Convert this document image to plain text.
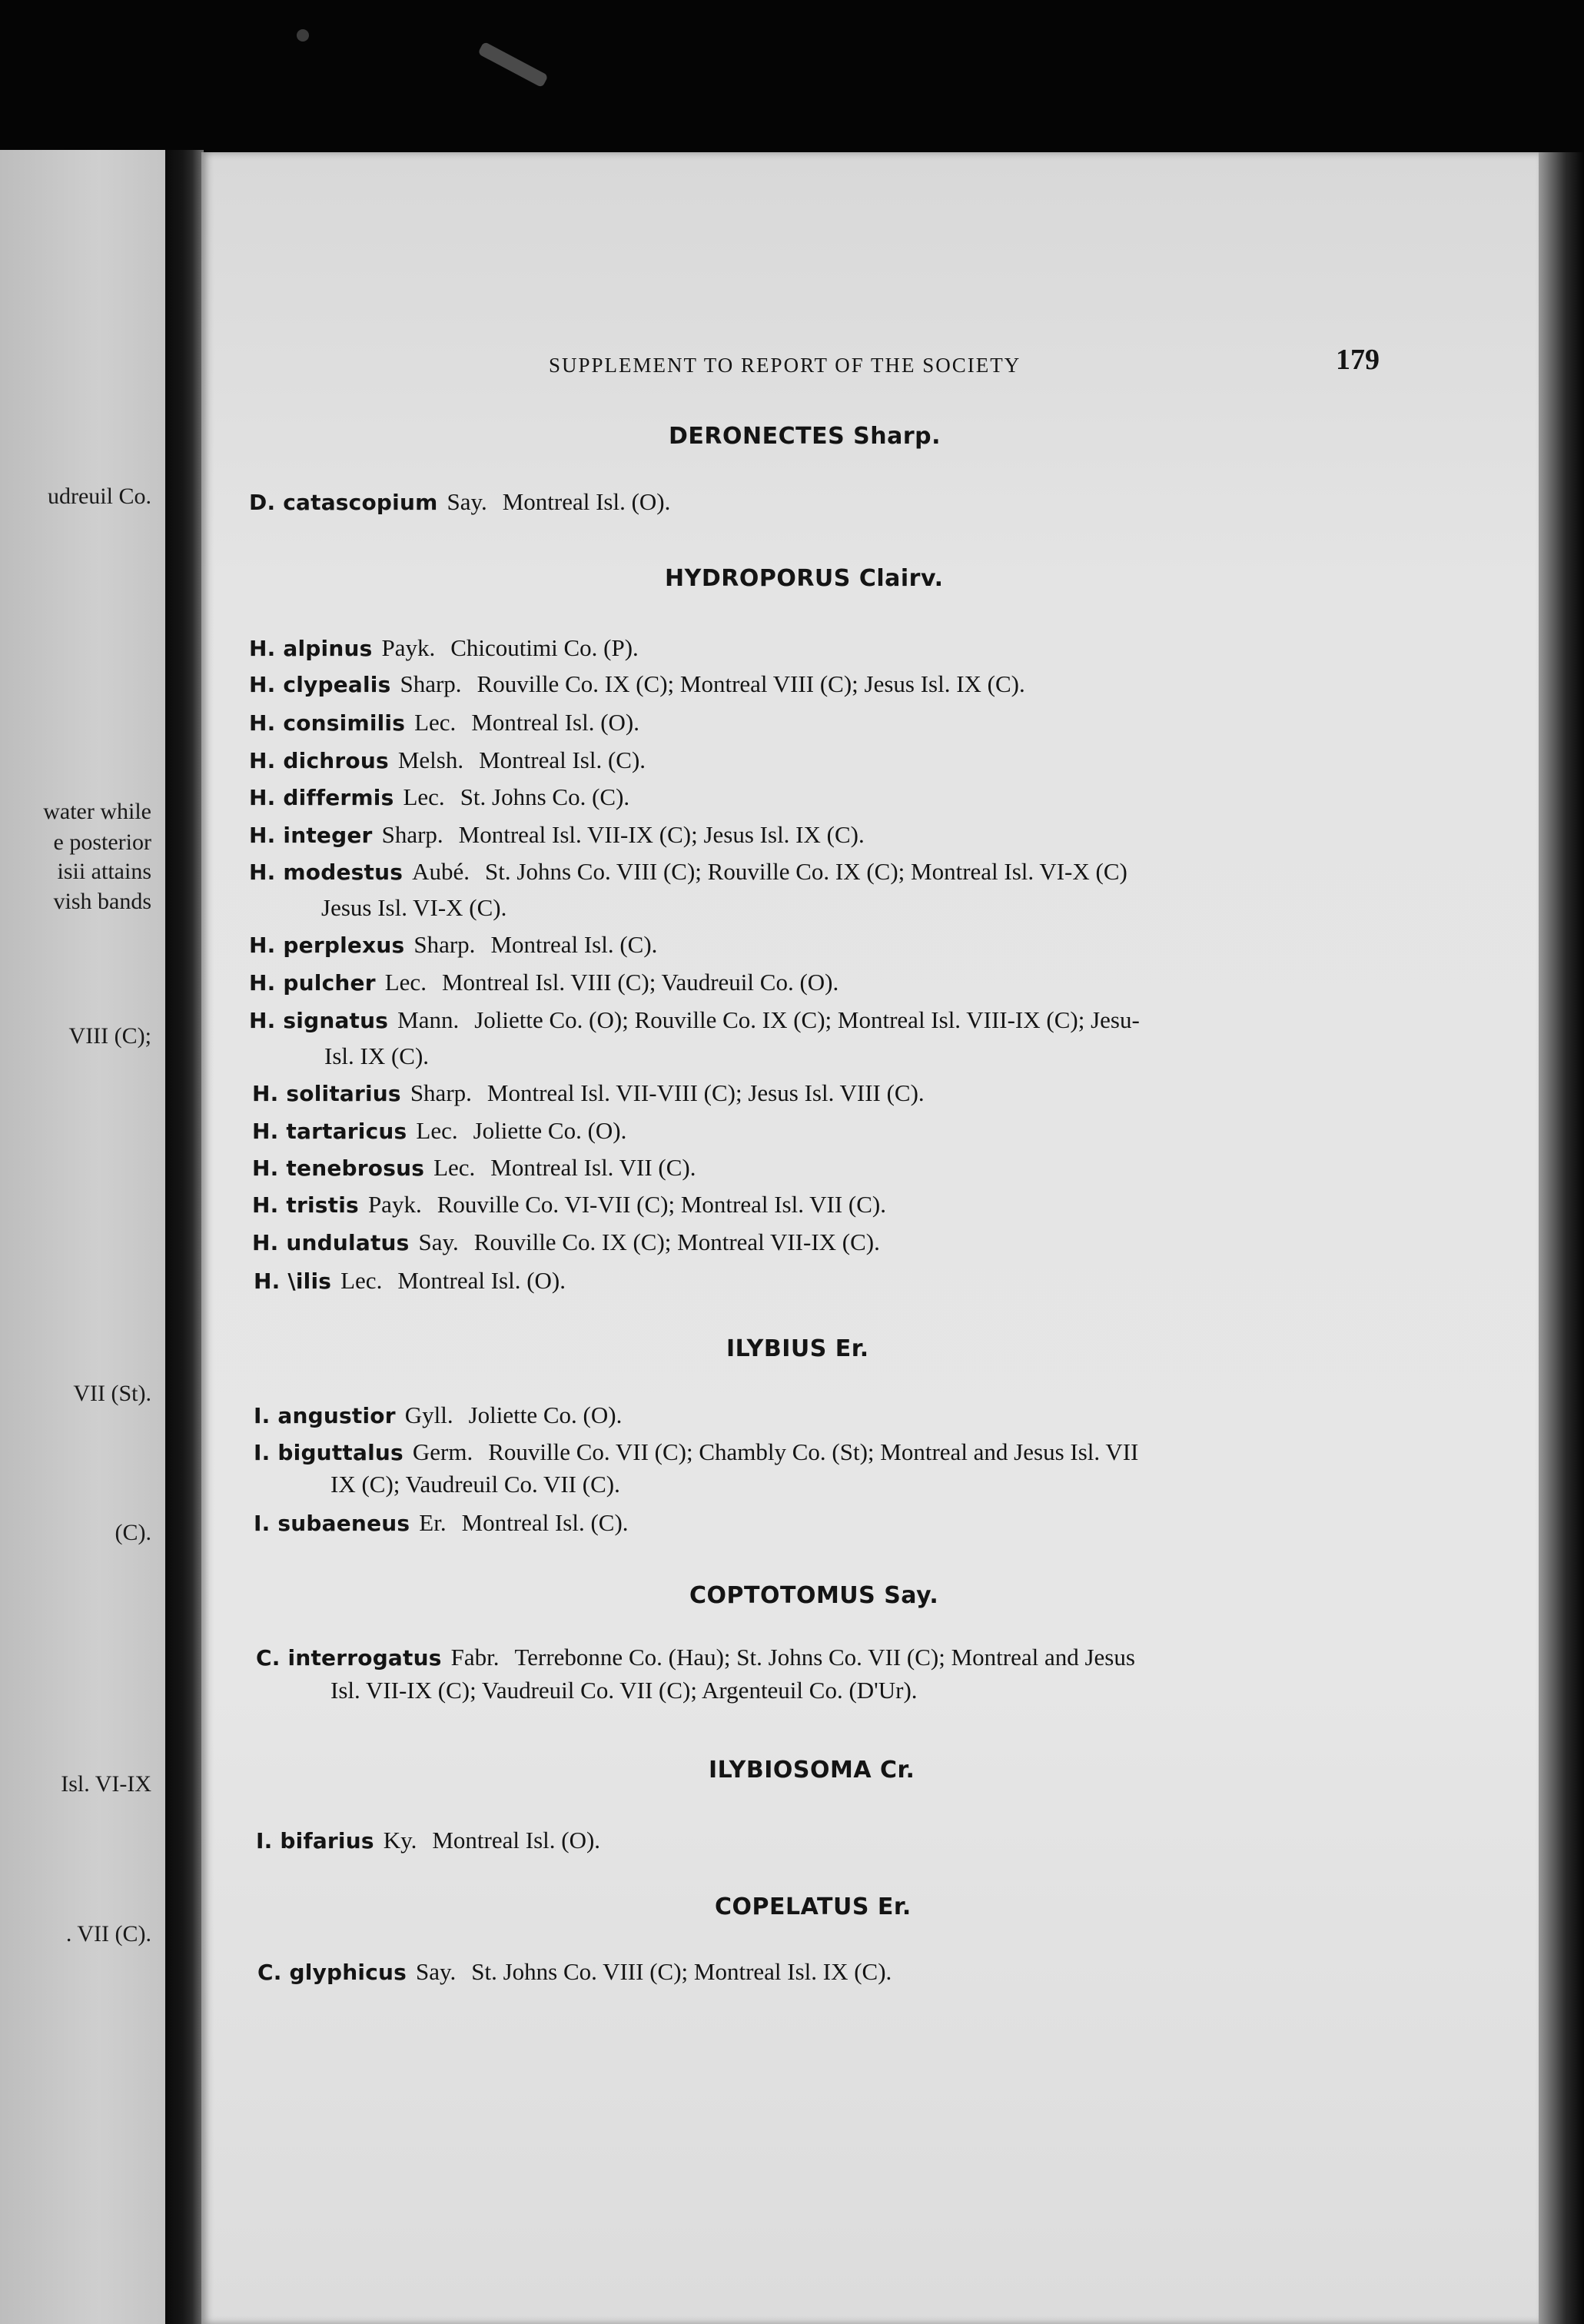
udreuil Co.
water while
e posterior
isii attains
vish bands
VIII (C);
VII (St).
(C).
Isl. VI-IX
. VII (C).
SUPPLEMENT TO REPORT OF THE SOCIETY	179
DERONECTES Sharp.
D. catascopium Say. Montreal Isl. (O).
HYDROPORUS Clairv.
H. alpinus Payk. Chicoutimi Co. (P).
H. clypealis Sharp. Rouville Co. IX (C); Montreal VIII (C); Jesus Isl. IX (C).
H. consimilis Lec. Montreal Isl. (O).
H. dichrous Melsh. Montreal Isl. (C).
H. differmis Lec. St. Johns Co. (C).
H. integer Sharp. Montreal Isl. VII-IX (C); Jesus Isl. IX (C).
H. modestus Aubé. St. Johns Co. VIII (C); Rouville Co. IX (C); Montreal Isl. VI-X (C)
Jesus Isl. VI-X (C).
H. perplexus Sharp. Montreal Isl. (C).
H. pulcher Lec. Montreal Isl. VIII (C); Vaudreuil Co. (O).
H. signatus Mann. Joliette Co. (O); Rouville Co. IX (C); Montreal Isl. VIII-IX (C); Jesu-
Isl. IX (C).
H. solitarius Sharp. Montreal Isl. VII-VIII (C); Jesus Isl. VIII (C).
H. tartaricus Lec. Joliette Co. (O).
H. tenebrosus Lec. Montreal Isl. VII (C).
H. tristis Payk. Rouville Co. VI-VII (C); Montreal Isl. VII (C).
H. undulatus Say. Rouville Co. IX (C); Montreal VII-IX (C).
H. \ilis Lec. Montreal Isl. (O).
ILYBIUS Er.
I. angustior Gyll. Joliette Co. (O).
I. biguttalus Germ. Rouville Co. VII (C); Chambly Co. (St); Montreal and Jesus Isl. VII
IX (C); Vaudreuil Co. VII (C).
I. subaeneus Er. Montreal Isl. (C).
COPTOTOMUS Say.
C. interrogatus Fabr. Terrebonne Co. (Hau); St. Johns Co. VII (C); Montreal and Jesus
Isl. VII-IX (C); Vaudreuil Co. VII (C); Argenteuil Co. (D'Ur).
ILYBIOSOMA Cr.
I. bifarius Ky. Montreal Isl. (O).
COPELATUS Er.
C. glyphicus Say. St. Johns Co. VIII (C); Montreal Isl. IX (C).
